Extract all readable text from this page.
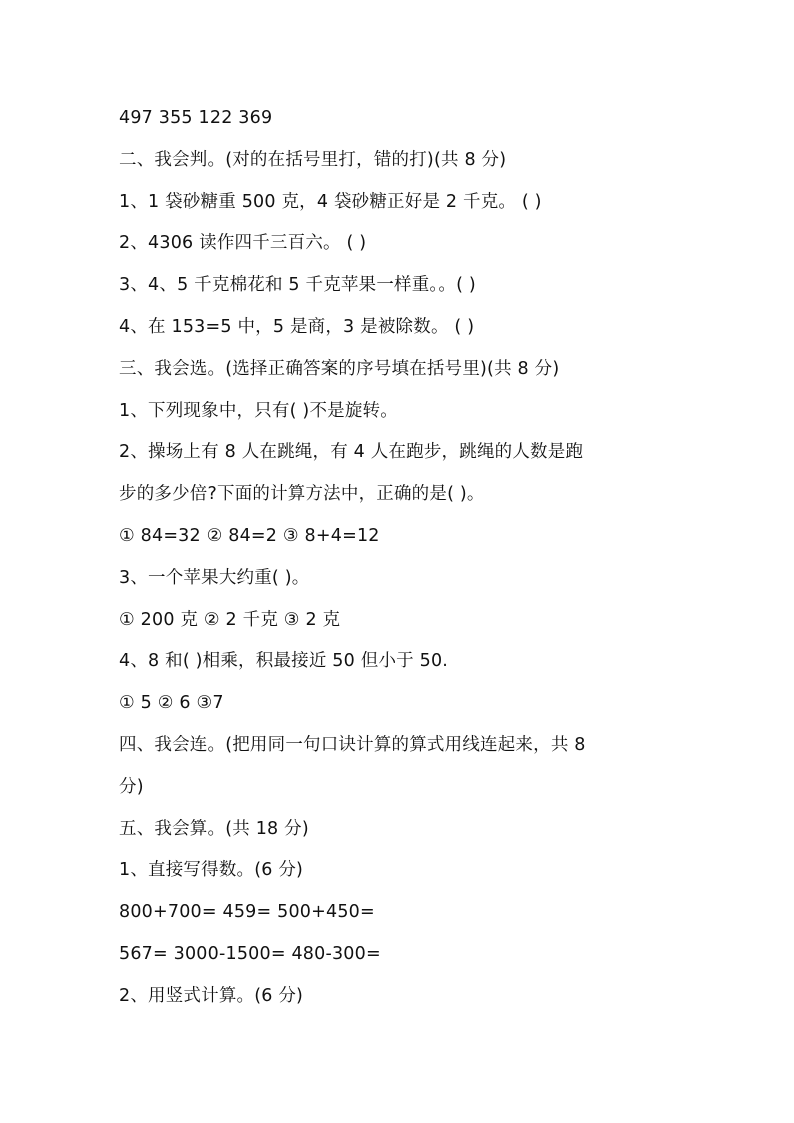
497 355 122 369
二、我会判。(对的在括号里打，错的打)(共 8 分)
1、1 袋砂糖重 500 克，4 袋砂糖正好是 2 千克。 ( )
2、4306 读作四千三百六。 ( )
3、4、5 千克棉花和 5 千克苹果一样重。。( )
4、在 153=5 中，5 是商，3 是被除数。 ( )
三、我会选。(选择正确答案的序号填在括号里)(共 8 分)
1、下列现象中，只有( )不是旋转。
2、操场上有 8 人在跳绳，有 4 人在跑步，跳绳的人数是跑
步的多少倍?下面的计算方法中，正确的是( )。
① 84=32 ② 84=2 ③ 8+4=12
3、一个苹果大约重( )。
① 200 克 ② 2 千克 ③ 2 克
4、8 和( )相乘，积最接近 50 但小于 50.
① 5 ② 6 ③7
四、我会连。(把用同一句口诀计算的算式用线连起来，共 8
分)
五、我会算。(共 18 分)
1、直接写得数。(6 分)
800+700= 459= 500+450=
567= 3000-1500= 480-300=
2、用竖式计算。(6 分)
